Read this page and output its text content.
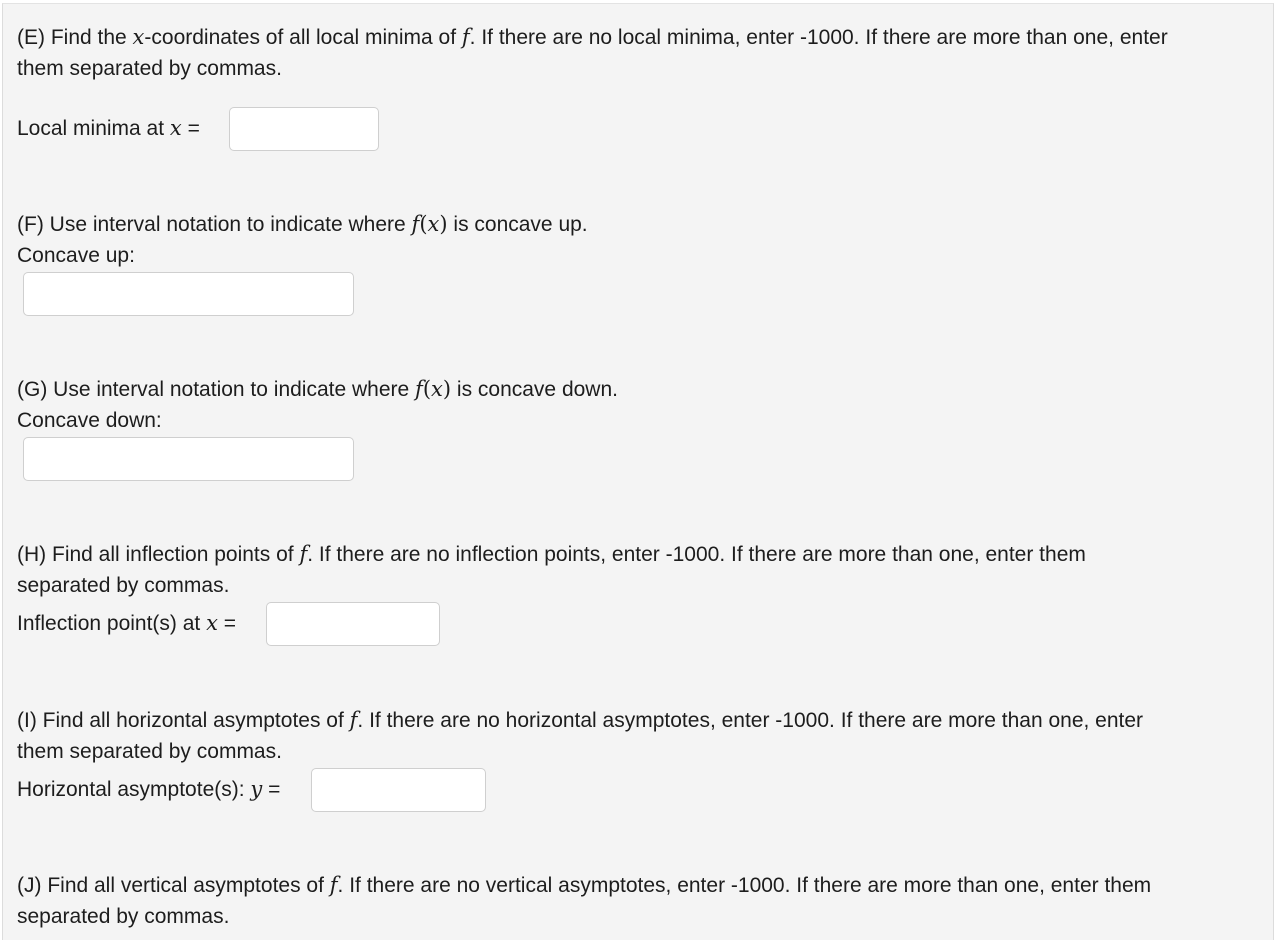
(E) Find the x-coordinates of all local minima of f. If there are no local minima, enter -1000. If there are more than one, enter
them separated by commas.
Local minima at x =
(F) Use interval notation to indicate where f(x) is concave up.
Concave up:
(G) Use interval notation to indicate where f(x) is concave down.
Concave down:
(H) Find all inflection points of f. If there are no inflection points, enter -1000. If there are more than one, enter them
separated by commas.
Inflection point(s) at x =
(I) Find all horizontal asymptotes of f. If there are no horizontal asymptotes, enter -1000. If there are more than one, enter
them separated by commas.
Horizontal asymptote(s): y =
(J) Find all vertical asymptotes of f. If there are no vertical asymptotes, enter -1000. If there are more than one, enter them
separated by commas.
